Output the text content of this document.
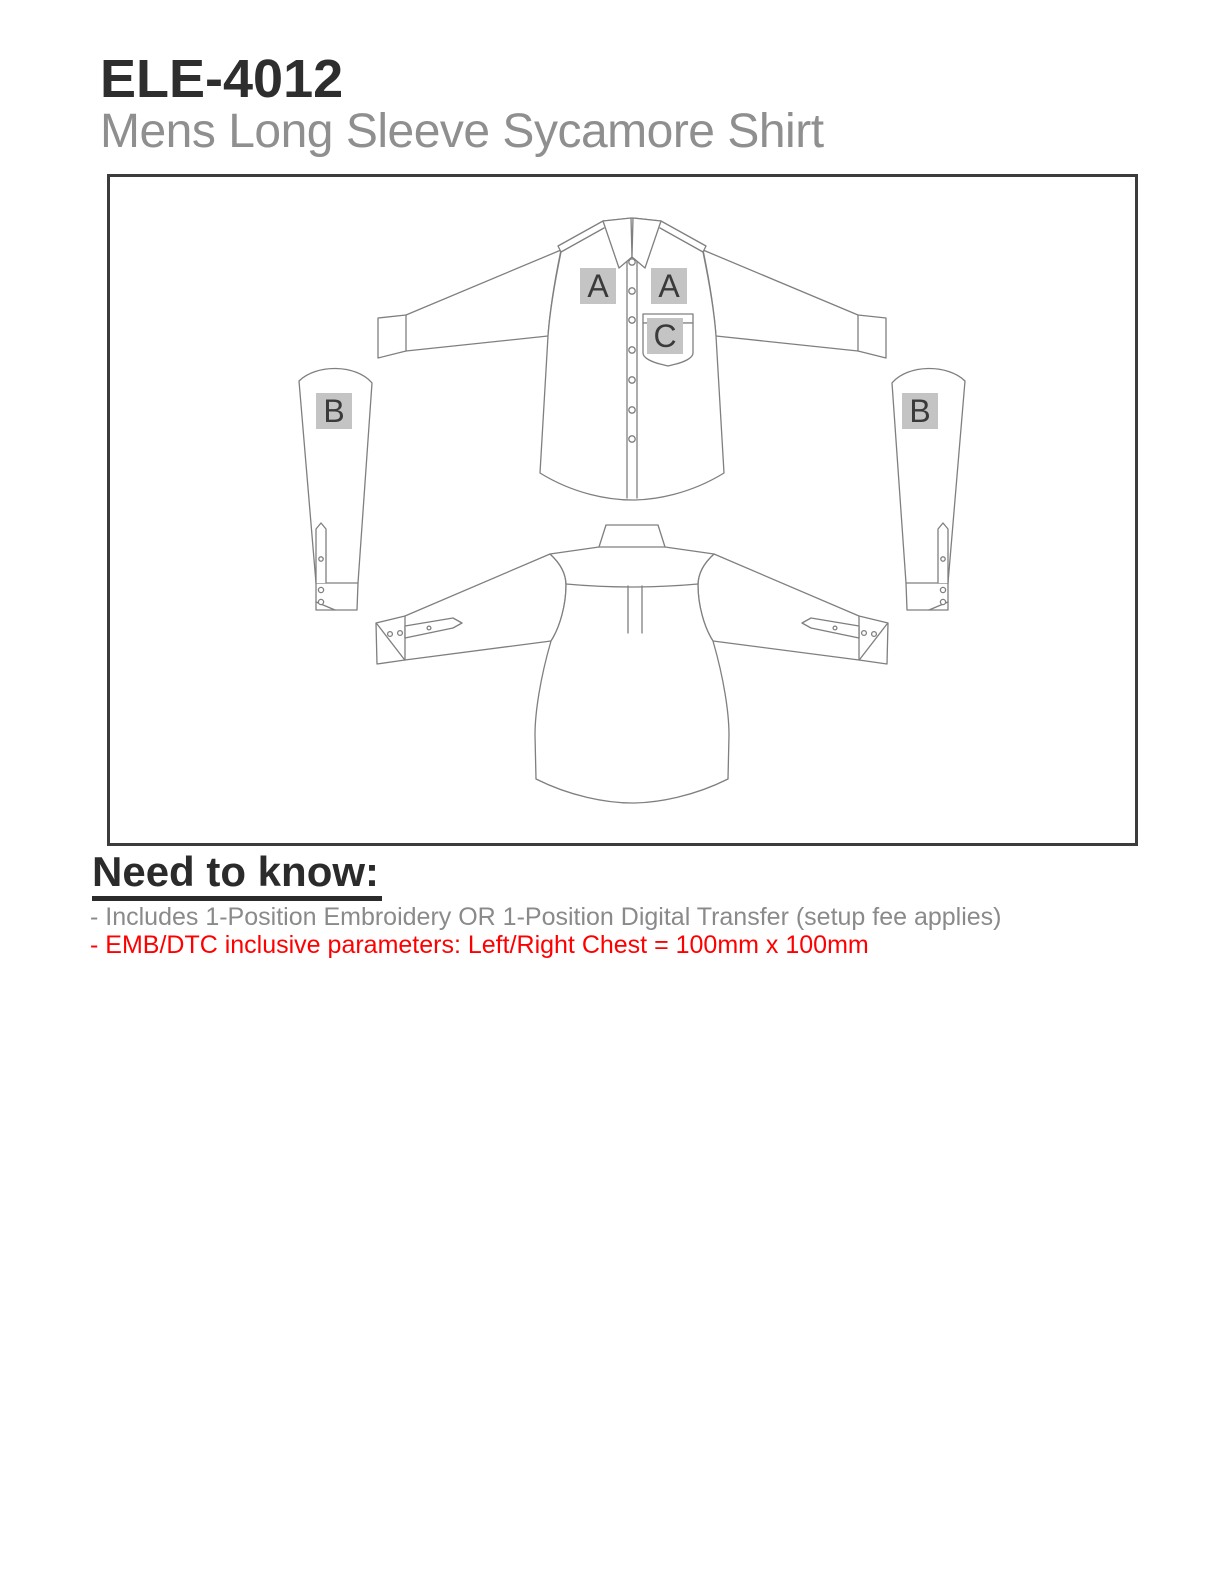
ELE-4012
Mens Long Sleeve Sycamore Shirt
A A
C
B	B
Need to know:

- Includes 1-Position Embroidery OR 1-Position Digital Transfer (setup fee applies)

- EMB/DTC inclusive parameters: Left/Right Chest = 100mm x 100mm
